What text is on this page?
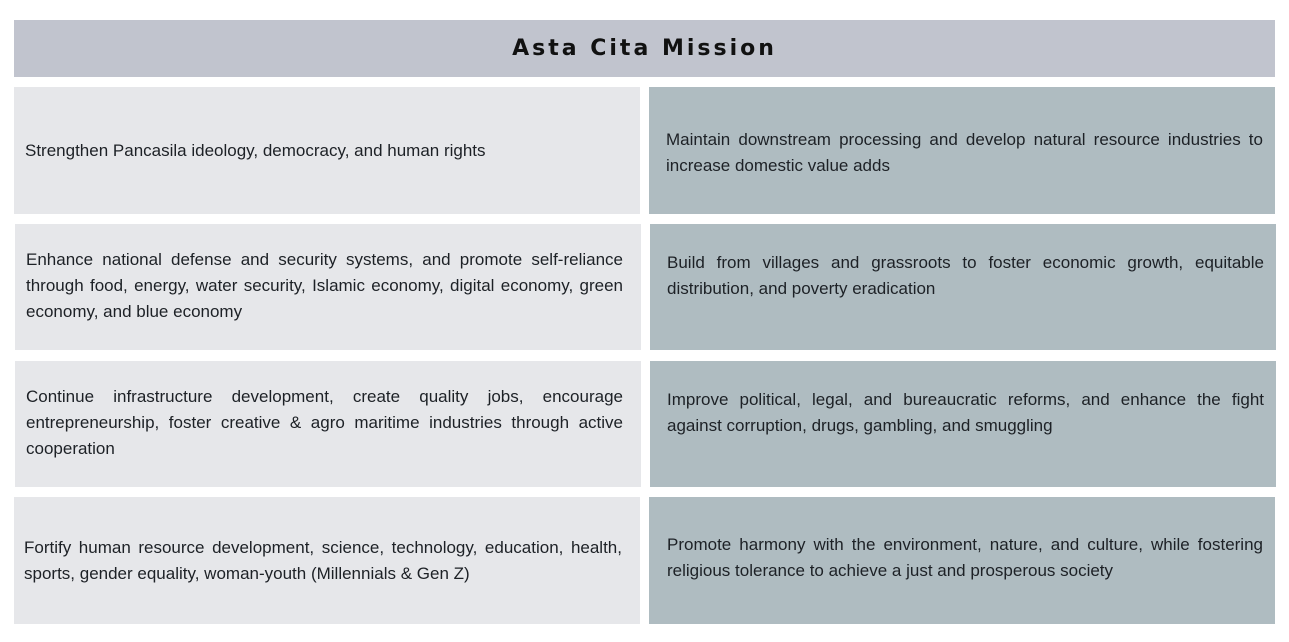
Asta Cita Mission
Strengthen Pancasila ideology, democracy, and human rights
Maintain downstream processing and develop natural resource industries to increase domestic value adds
Enhance national defense and security systems, and promote self-reliance through food, energy, water security, Islamic economy, digital economy, green economy, and blue economy
Build from villages and grassroots to foster economic growth, equitable distribution, and poverty eradication
Continue infrastructure development, create quality jobs, encourage entrepreneurship, foster creative & agro maritime industries through active cooperation
Improve political, legal, and bureaucratic reforms, and enhance the fight against corruption, drugs, gambling, and smuggling
Fortify human resource development, science, technology, education, health, sports, gender equality, woman-youth (Millennials & Gen Z)
Promote harmony with the environment, nature, and culture, while fostering religious tolerance to achieve a just and prosperous society
